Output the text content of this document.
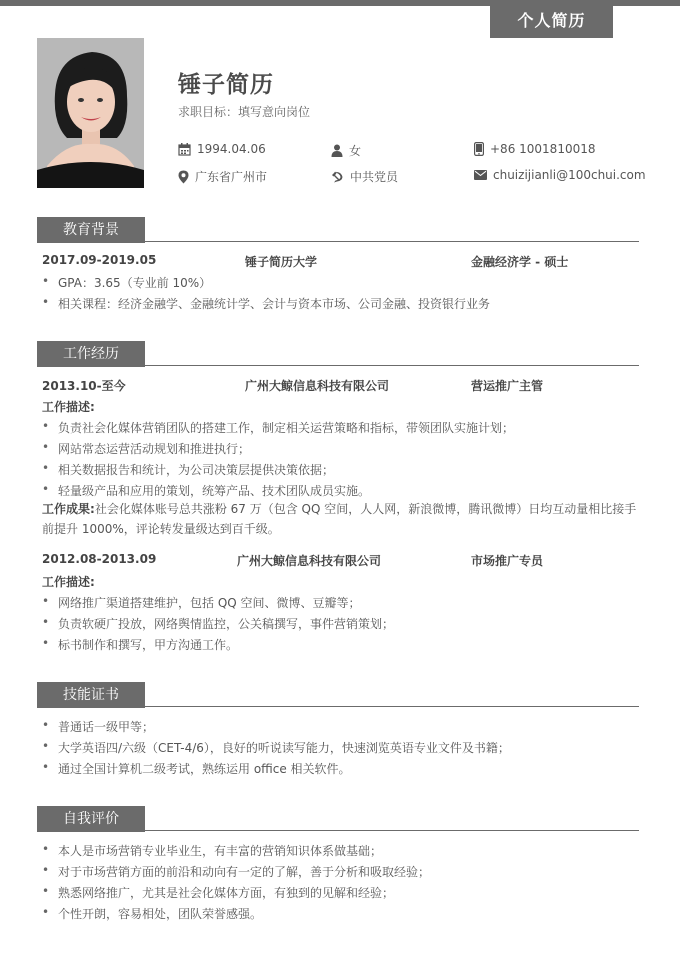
个人简历
锤子简历
求职目标：填写意向岗位
1994.04.06	女	+86 1001810018
广东省广州市	中共党员	chuizijianli@100chui.com
教育背景
2017.09-2019.05	锤子简历大学	金融经济学 - 硕士
GPA：3.65（专业前 10%）
相关课程：经济金融学、金融统计学、会计与资本市场、公司金融、投资银行业务
工作经历
2013.10-至今	广州大鲸信息科技有限公司	营运推广主管
工作描述:
负责社会化媒体营销团队的搭建工作，制定相关运营策略和指标，带领团队实施计划；
网站常态运营活动规划和推进执行；
相关数据报告和统计，为公司决策层提供决策依据；
轻量级产品和应用的策划，统筹产品、技术团队成员实施。
工作成果:社会化媒体账号总共涨粉 67 万（包含 QQ 空间，人人网，新浪微博，腾讯微博）日均互动量相比接手前提升 1000%，评论转发量级达到百千级。
2012.08-2013.09	广州大鲸信息科技有限公司	市场推广专员
工作描述:
网络推广渠道搭建维护，包括 QQ 空间、微博、豆瓣等；
负责软硬广投放，网络舆情监控，公关稿撰写，事件营销策划；
标书制作和撰写，甲方沟通工作。
技能证书
普通话一级甲等；
大学英语四/六级（CET-4/6），良好的听说读写能力，快速浏览英语专业文件及书籍；
通过全国计算机二级考试，熟练运用 office 相关软件。
自我评价
本人是市场营销专业毕业生，有丰富的营销知识体系做基础；
对于市场营销方面的前沿和动向有一定的了解，善于分析和吸取经验；
熟悉网络推广，尤其是社会化媒体方面，有独到的见解和经验；
个性开朗，容易相处，团队荣誉感强。
